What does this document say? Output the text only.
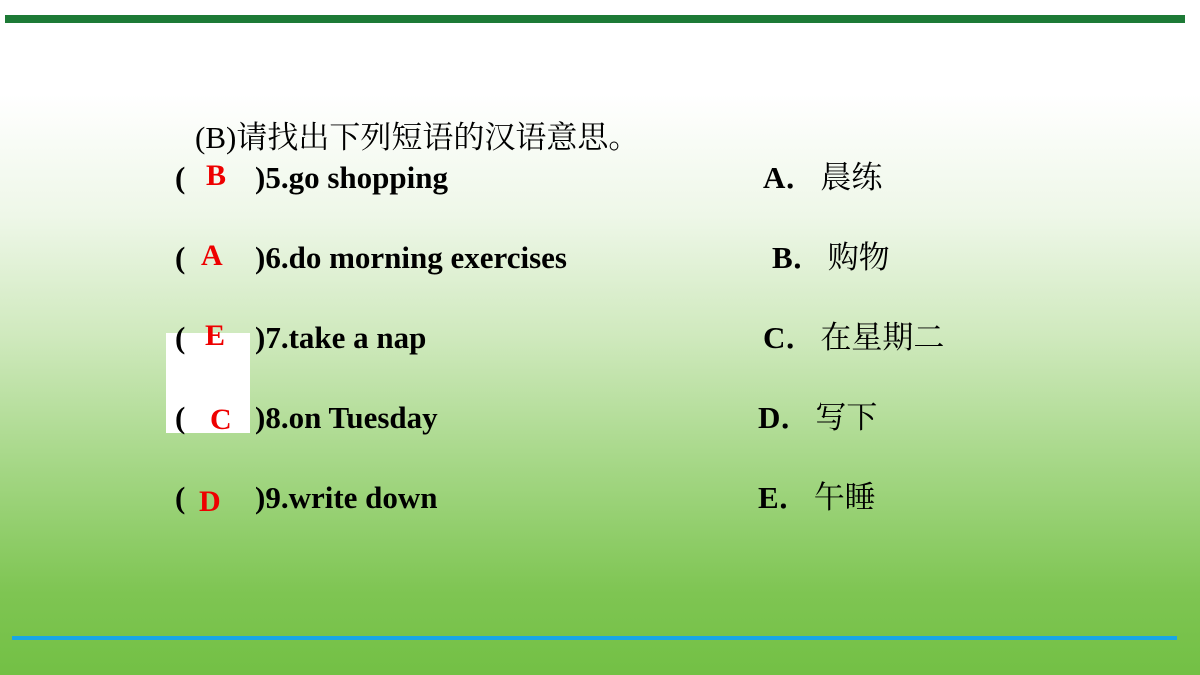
(B)请找出下列短语的汉语意思。
( B )5.go shopping
( A )6.do morning exercises
( E )7.take a nap
( C )8.on Tuesday
( D )9.write down
A． 晨练
B． 购物
C． 在星期二
D． 写下
E． 午睡
